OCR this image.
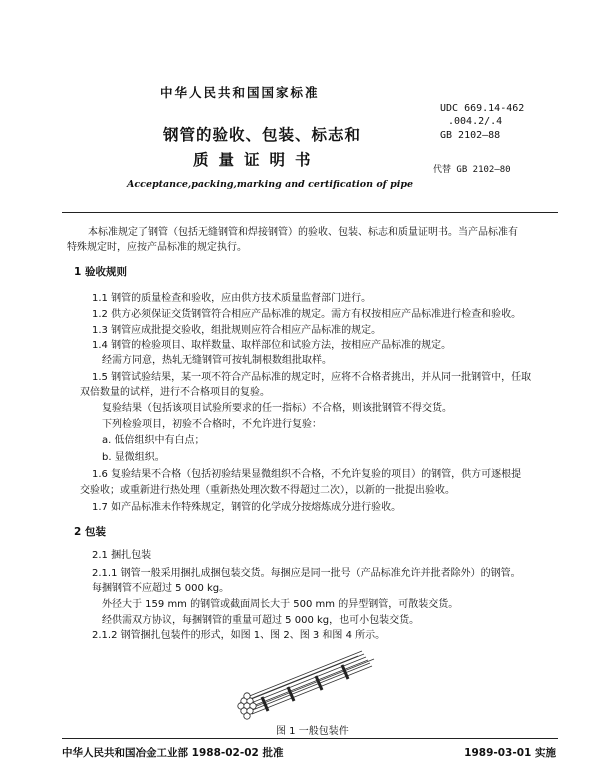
中华人民共和国国家标准
UDC 669.14-462
.004.2/.4
GB 2102—88
钢管的验收、包装、标志和
质量证明书
代替 GB 2102—80
Acceptance,packing,marking and certification of pipe
本标准规定了钢管（包括无缝钢管和焊接钢管）的验收、包装、标志和质量证明书。当产品标准有
特殊规定时，应按产品标准的规定执行。
1 验收规则
1.1 钢管的质量检查和验收，应由供方技术质量监督部门进行。
1.2 供方必须保证交货钢管符合相应产品标准的规定。需方有权按相应产品标准进行检查和验收。
1.3 钢管应成批提交验收，组批规则应符合相应产品标准的规定。
1.4 钢管的检验项目、取样数量、取样部位和试验方法，按相应产品标准的规定。
经需方同意，热轧无缝钢管可按轧制根数组批取样。
1.5 钢管试验结果，某一项不符合产品标准的规定时，应将不合格者挑出，并从同一批钢管中，任取
双倍数量的试样，进行不合格项目的复验。
复验结果（包括该项目试验所要求的任一指标）不合格，则该批钢管不得交货。
下列检验项目，初验不合格时，不允许进行复验：
a. 低倍组织中有白点；
b. 显微组织。
1.6 复验结果不合格（包括初验结果显微组织不合格，不允许复验的项目）的钢管，供方可逐根提
交验收；或重新进行热处理（重新热处理次数不得超过二次），以新的一批提出验收。
1.7 如产品标准未作特殊规定，钢管的化学成分按熔炼成分进行验收。
2 包装
2.1 捆扎包装
2.1.1 钢管一般采用捆扎成捆包装交货。每捆应是同一批号（产品标准允许并批者除外）的钢管。
每捆钢管不应超过 5 000 kg。
外径大于 159 mm 的钢管或截面周长大于 500 mm 的异型钢管，可散装交货。
经供需双方协议，每捆钢管的重量可超过 5 000 kg，也可小包装交货。
2.1.2 钢管捆扎包装件的形式，如图 1、图 2、图 3 和图 4 所示。
图 1 一般包装件
中华人民共和国冶金工业部 1988-02-02 批准	1989-03-01 实施
